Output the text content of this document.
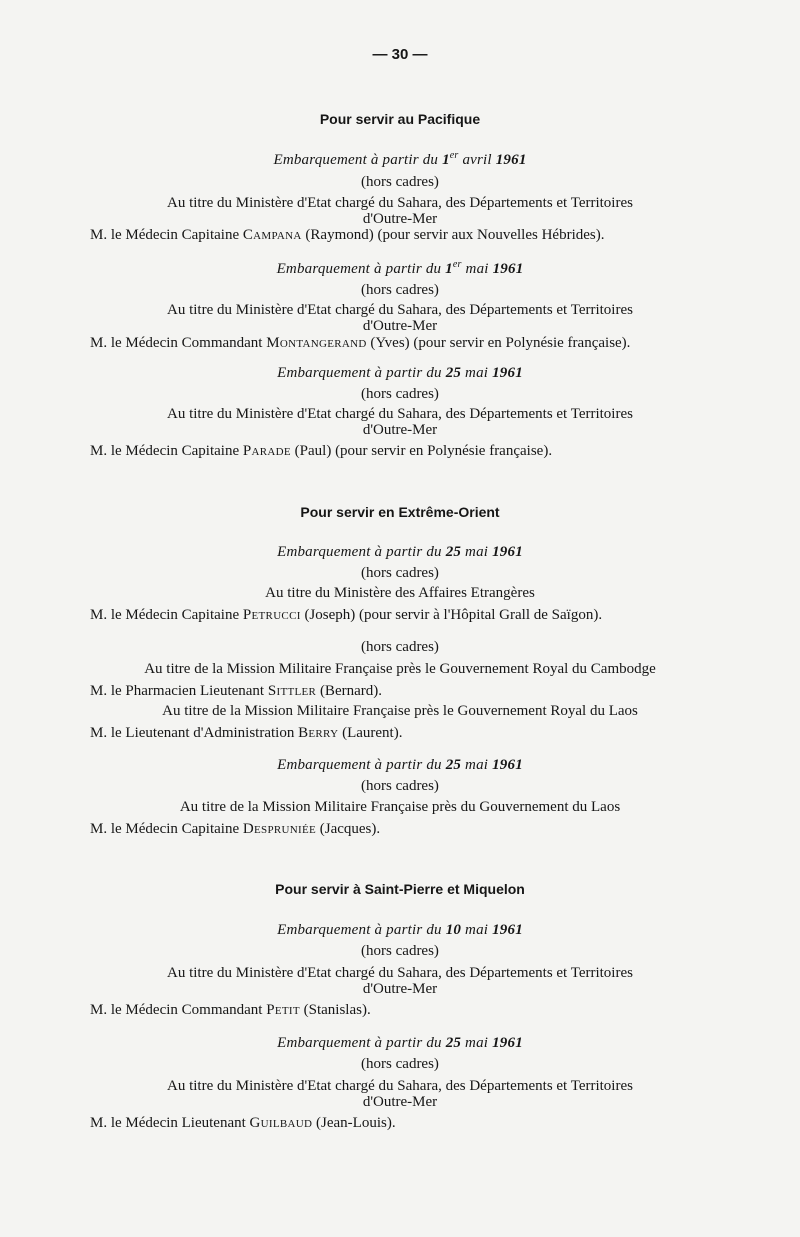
— 30 —
Pour servir au Pacifique
Embarquement à partir du 1er avril 1961
(hors cadres)
Au titre du Ministère d'Etat chargé du Sahara, des Départements et Territoires
d'Outre-Mer
M. le Médecin Capitaine Campana (Raymond) (pour servir aux Nouvelles Hébrides).
Embarquement à partir du 1er mai 1961
(hors cadres)
Au titre du Ministère d'Etat chargé du Sahara, des Départements et Territoires
d'Outre-Mer
M. le Médecin Commandant Montangerand (Yves) (pour servir en Polynésie française).
Embarquement à partir du 25 mai 1961
(hors cadres)
Au titre du Ministère d'Etat chargé du Sahara, des Départements et Territoires
d'Outre-Mer
M. le Médecin Capitaine Parade (Paul) (pour servir en Polynésie française).
Pour servir en Extrême-Orient
Embarquement à partir du 25 mai 1961
(hors cadres)
Au titre du Ministère des Affaires Etrangères
M. le Médecin Capitaine Petrucci (Joseph) (pour servir à l'Hôpital Grall de Saïgon).
(hors cadres)
Au titre de la Mission Militaire Française près le Gouvernement Royal du Cambodge
M. le Pharmacien Lieutenant Sittler (Bernard).
Au titre de la Mission Militaire Française près le Gouvernement Royal du Laos
M. le Lieutenant d'Administration Berry (Laurent).
Embarquement à partir du 25 mai 1961
(hors cadres)
Au titre de la Mission Militaire Française près du Gouvernement du Laos
M. le Médecin Capitaine Despruniée (Jacques).
Pour servir à Saint-Pierre et Miquelon
Embarquement à partir du 10 mai 1961
(hors cadres)
Au titre du Ministère d'Etat chargé du Sahara, des Départements et Territoires
d'Outre-Mer
M. le Médecin Commandant Petit (Stanislas).
Embarquement à partir du 25 mai 1961
(hors cadres)
Au titre du Ministère d'Etat chargé du Sahara, des Départements et Territoires
d'Outre-Mer
M. le Médecin Lieutenant Guilbaud (Jean-Louis).
